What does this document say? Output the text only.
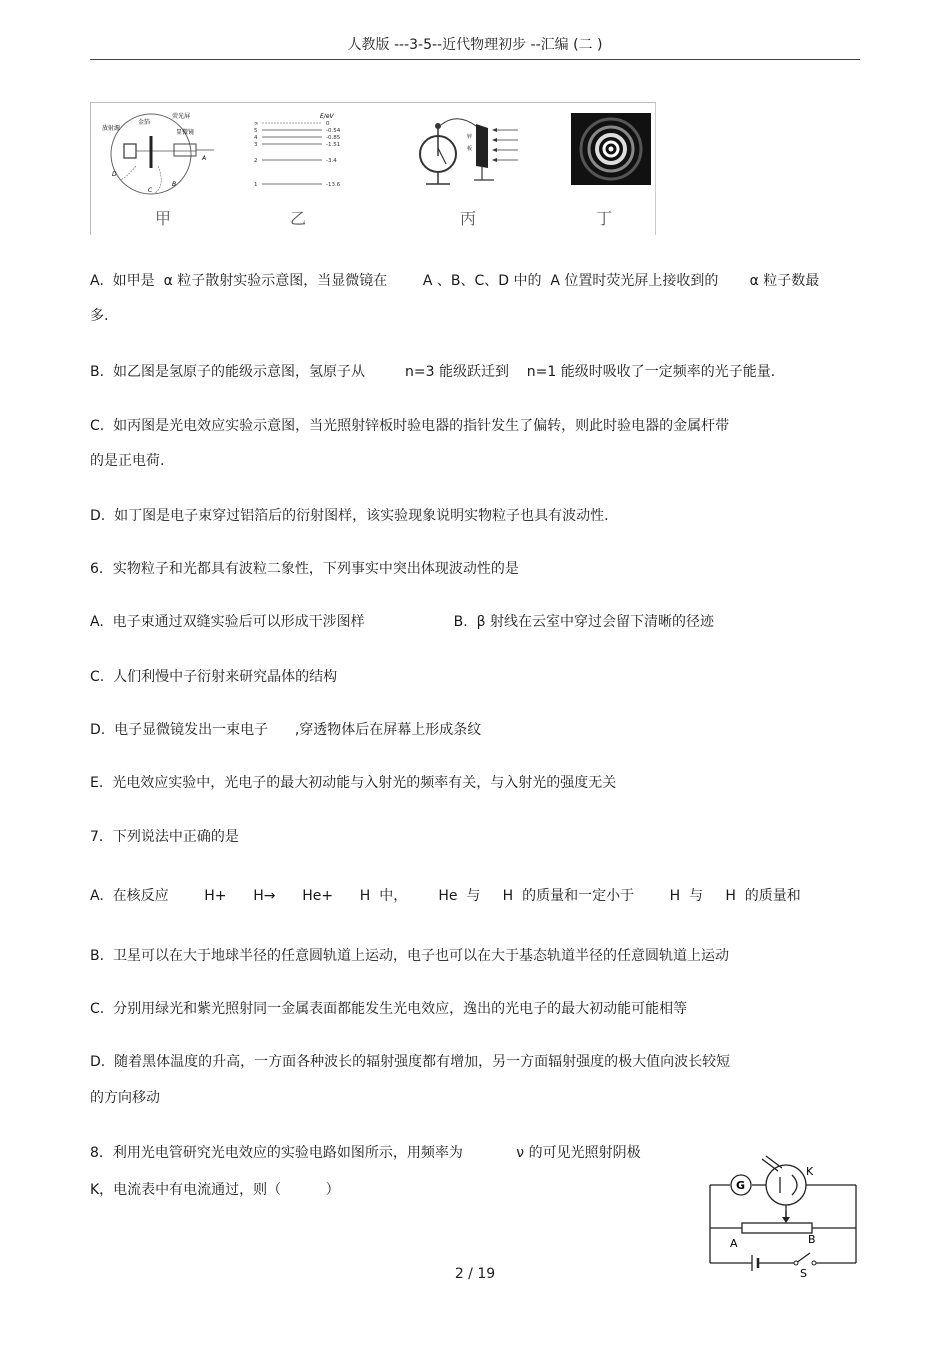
人教版 ---3-5--近代物理初步 --汇编 (二 )
放射源
金箔
荧光屏
显微镜
A
B
C
D
E/eV
∞	0
5	-0.54
4	-0.85
3	-1.51
2	-3.4
1	-13.6
锌
板
甲	乙	丙	丁
A.  如甲是  α 粒子散射实验示意图，当显微镜在        A 、B、C、D 中的  A 位置时荧光屏上接收到的       α 粒子数最
多.
B.  如乙图是氢原子的能级示意图，氢原子从         n=3 能级跃迁到    n=1 能级时吸收了一定频率的光子能量.
C.  如丙图是光电效应实验示意图，当光照射锌板时验电器的指针发生了偏转，则此时验电器的金属杆带
的是正电荷.
D.  如丁图是电子束穿过铝箔后的衍射图样，该实验现象说明实物粒子也具有波动性.
6．实物粒子和光都具有波粒二象性，下列事实中突出体现波动性的是
A.  电子束通过双缝实验后可以形成干涉图样                    B.  β 射线在云室中穿过会留下清晰的径迹
C.  人们利慢中子衍射来研究晶体的结构
D.  电子显微镜发出一束电子      ,穿透物体后在屏幕上形成条纹
E.  光电效应实验中，光电子的最大初动能与入射光的频率有关，与入射光的强度无关
7．下列说法中正确的是
A.  在核反应        H+      H→      He+      H  中，       He  与     H  的质量和一定小于        H  与     H  的质量和
B.  卫星可以在大于地球半径的任意圆轨道上运动，电子也可以在大于基态轨道半径的任意圆轨道上运动
C.  分别用绿光和紫光照射同一金属表面都能发生光电效应，逸出的光电子的最大初动能可能相等
D.  随着黑体温度的升高，一方面各种波长的辐射强度都有增加，另一方面辐射强度的极大值向波长较短
的方向移动
8．利用光电管研究光电效应的实验电路如图所示，用频率为            ν 的可见光照射阴极
K，电流表中有电流通过，则（          ）	G
K
A	B
S
2 / 19
